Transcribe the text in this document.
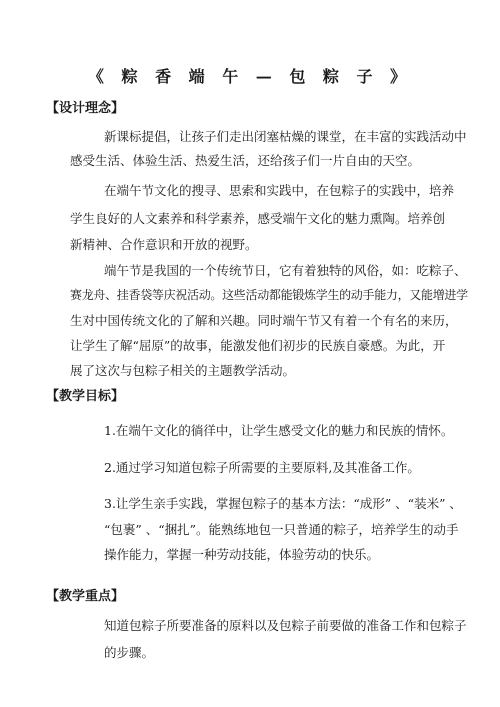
《 粽 香 端 午 — 包 粽 子 》
【设计理念】
新课标提倡，让孩子们走出闭塞枯燥的课堂，在丰富的实践活动中
感受生活、体验生活、热爱生活，还给孩子们一片自由的天空。
在端午节文化的搜寻、思索和实践中，在包粽子的实践中，培养
学生良好的人文素养和科学素养，感受端午文化的魅力熏陶。培养创
新精神、合作意识和开放的视野。
端午节是我国的一个传统节日，它有着独特的风俗，如：吃粽子、
赛龙舟、挂香袋等庆祝活动。这些活动都能锻炼学生的动手能力，又能增进学
生对中国传统文化的了解和兴趣。同时端午节又有着一个有名的来历，
让学生了解“屈原”的故事，能激发他们初步的民族自豪感。为此，开
展了这次与包粽子相关的主题教学活动。
【教学目标】
1.在端午文化的徜徉中，让学生感受文化的魅力和民族的情怀。
2.通过学习知道包粽子所需要的主要原料,及其准备工作。
3.让学生亲手实践，掌握包粽子的基本方法：“成形” 、“装米” 、
“包裹” 、“捆扎”。能熟练地包一只普通的粽子，培养学生的动手
操作能力，掌握一种劳动技能，体验劳动的快乐。
【教学重点】
知道包粽子所要准备的原料以及包粽子前要做的准备工作和包粽子
的步骤。
